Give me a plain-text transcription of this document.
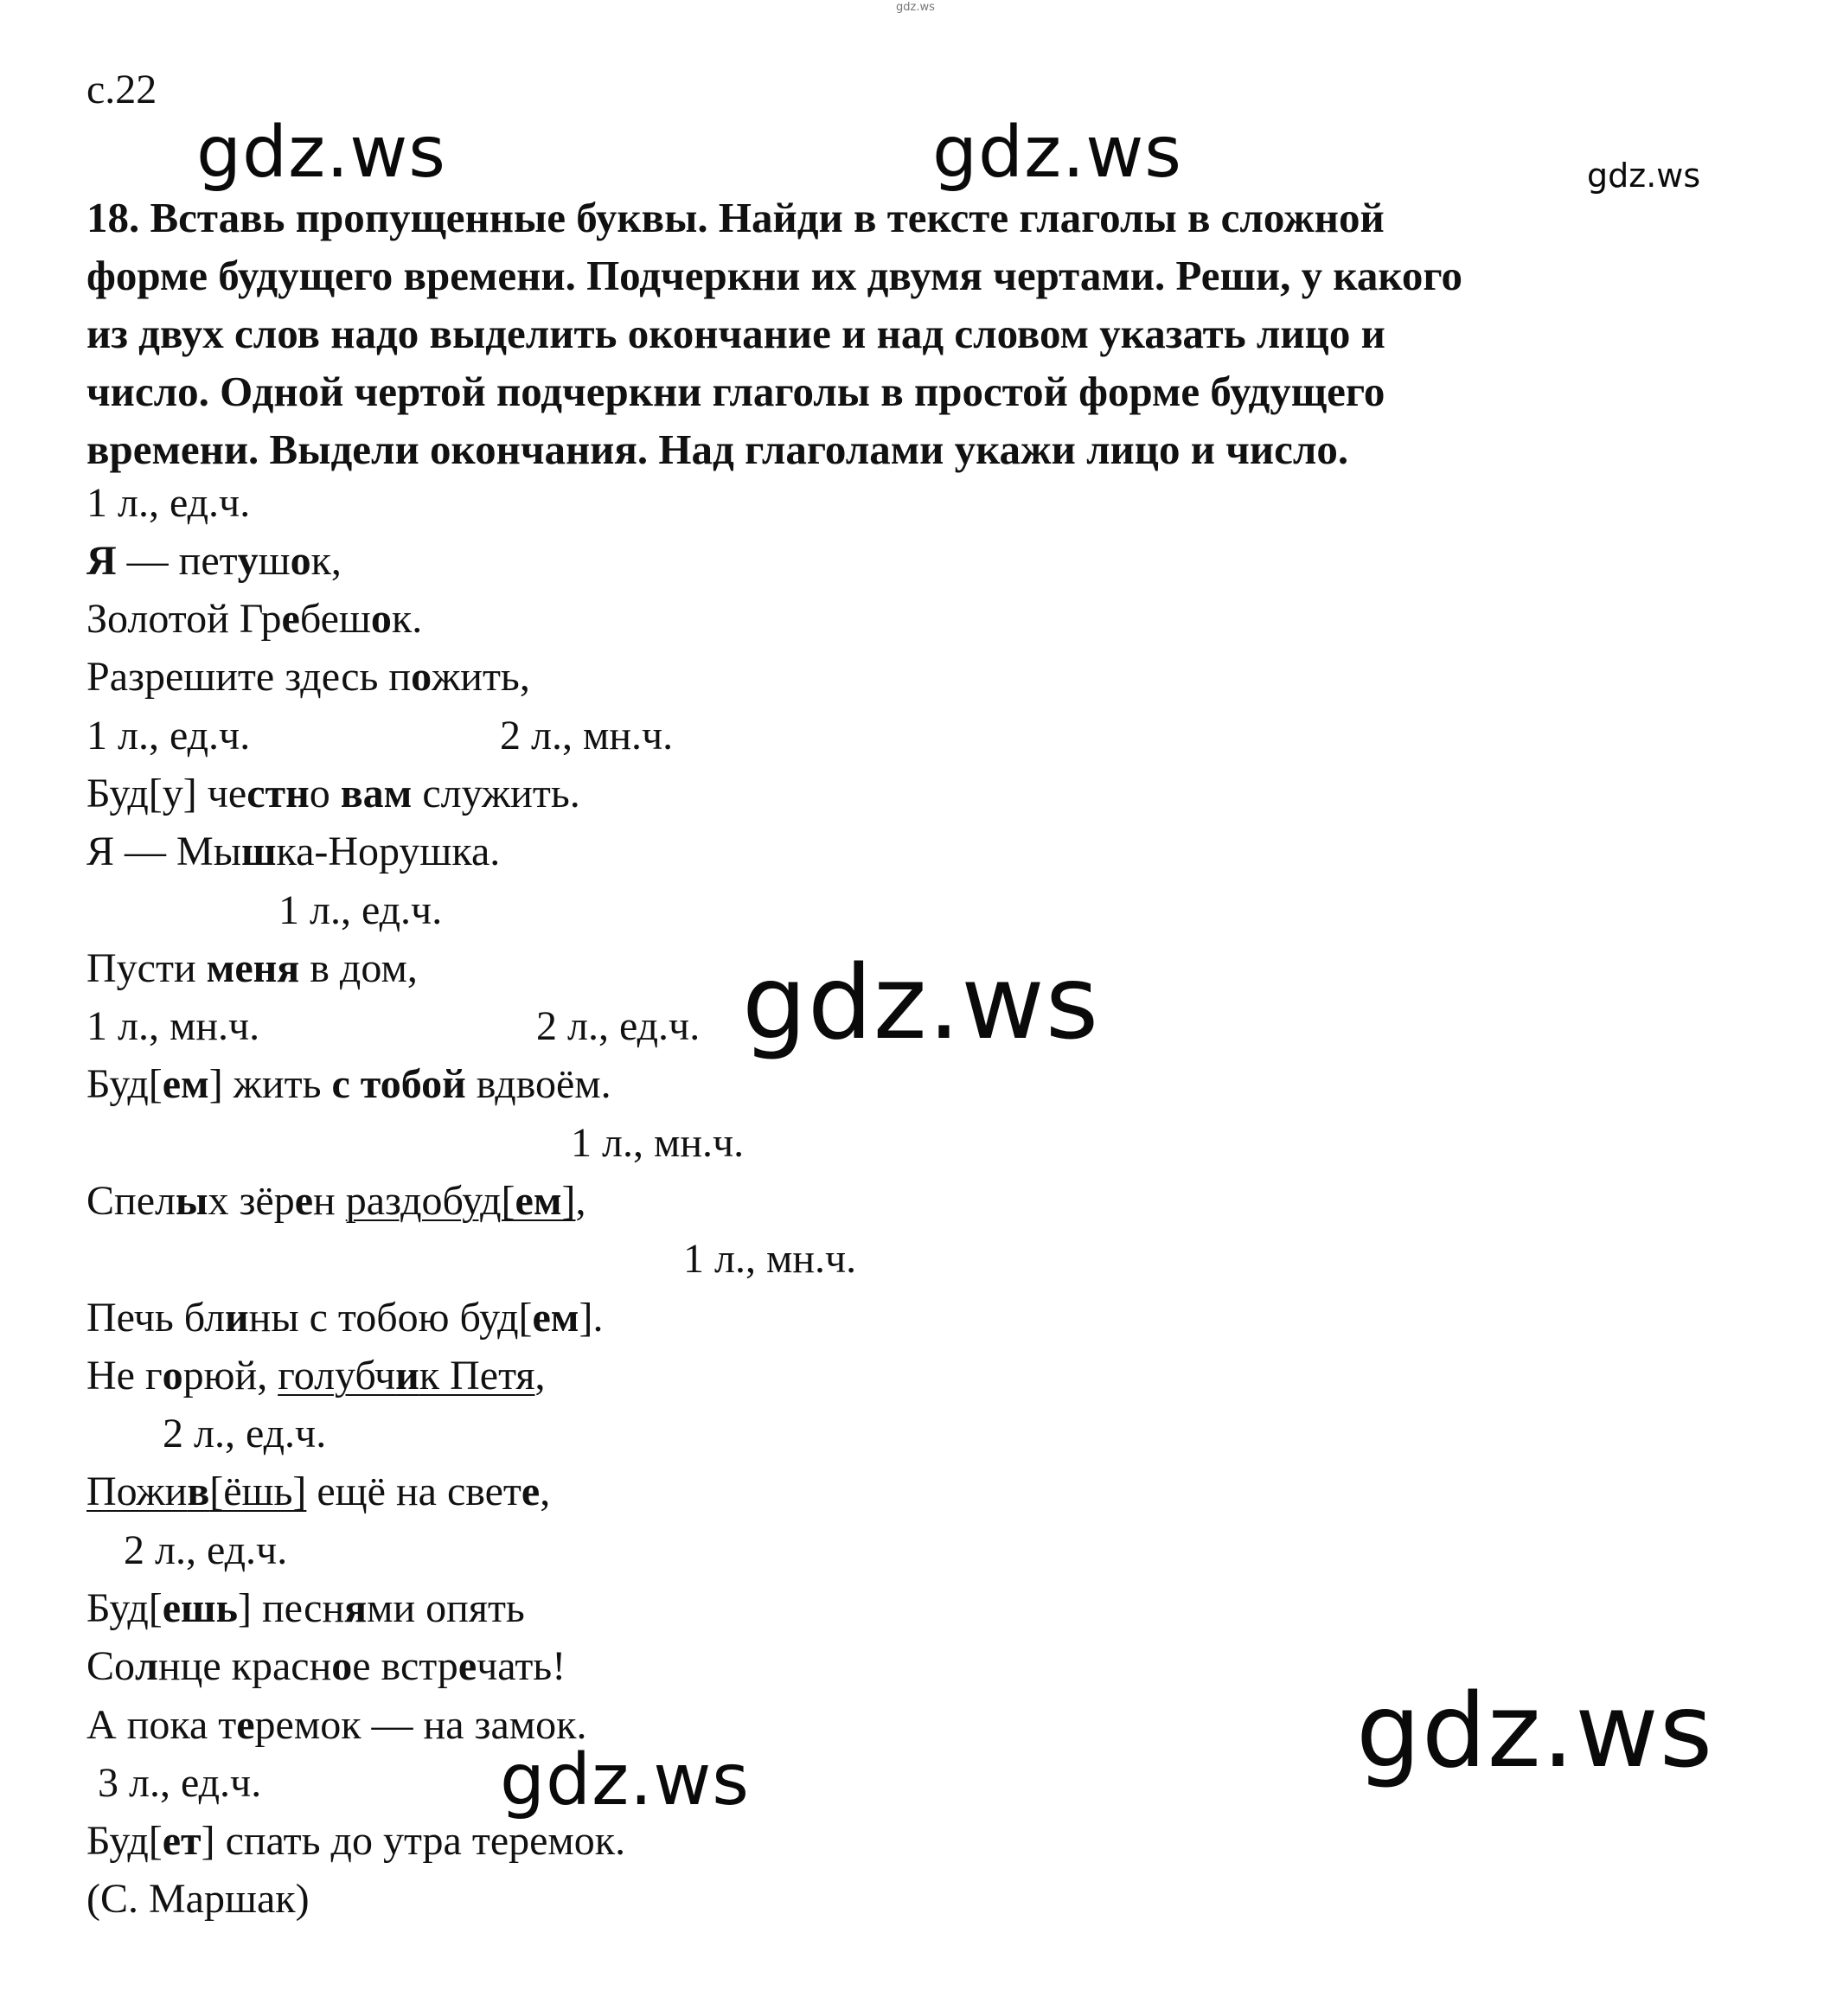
gdz.ws
gdz.ws	gdz.ws	gdz.ws
gdz.ws
gdz.ws
gdz.ws
с.22
18. Вставь пропущенные буквы. Найди в тексте глаголы в сложной
форме будущего времени. Подчеркни их двумя чертами. Реши, у какого
из двух слов надо выделить окончание и над словом указать лицо и
число. Одной чертой подчеркни глаголы в простой форме будущего
времени. Выдели окончания. Над глаголами укажи лицо и число.
1 л., ед.ч.
Я — петушок,
Золотой Гребешок.
Разрешите здесь пожить,
1 л., ед.ч.	2 л., мн.ч.
Буд[у] честно вам служить.
Я — Мышка-Норушка.
1 л., ед.ч.
Пусти меня в дом,
1 л., мн.ч.	2 л., ед.ч.
Буд[ем] жить с тобой вдвоём.
1 л., мн.ч.
Спелых зёрен раздобуд[ем],
1 л., мн.ч.
Печь блины с тобою буд[ем].
Не горюй, голубчик Петя,
2 л., ед.ч.
Пожив[ёшь] ещё на свете,
2 л., ед.ч.
Буд[ешь] песнями опять
Солнце красное встречать!
А пока теремок — на замок.
3 л., ед.ч.
Буд[ет] спать до утра теремок.
(С. Маршак)
